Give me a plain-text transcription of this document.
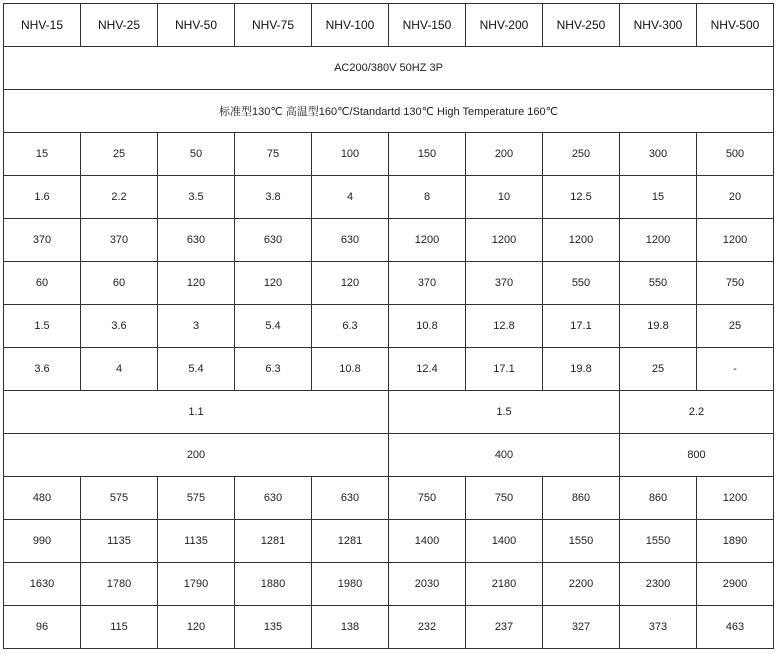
NHV-15	NHV-25	NHV-50	NHV-75	NHV-100	NHV-150	NHV-200	NHV-250	NHV-300	NHV-500
AC200/380V 50HZ 3P									
标准型130℃ 高温型160℃/Standartd 130℃ High Temperature 160℃									
15	25	50	75	100	150	200	250	300	500
1.6	2.2	3.5	3.8	4	8	10	12.5	15	20
370	370	630	630	630	1200	1200	1200	1200	1200
60	60	120	120	120	370	370	550	550	750
1.5	3.6	3	5.4	6.3	10.8	12.8	17.1	19.8	25
3.6	4	5.4	6.3	10.8	12.4	17.1	19.8	25	-
1.1					1.5			2.2	
200					400			800	
480	575	575	630	630	750	750	860	860	1200
990	1135	1135	1281	1281	1400	1400	1550	1550	1890
1630	1780	1790	1880	1980	2030	2180	2200	2300	2900
96	115	120	135	138	232	237	327	373	463
